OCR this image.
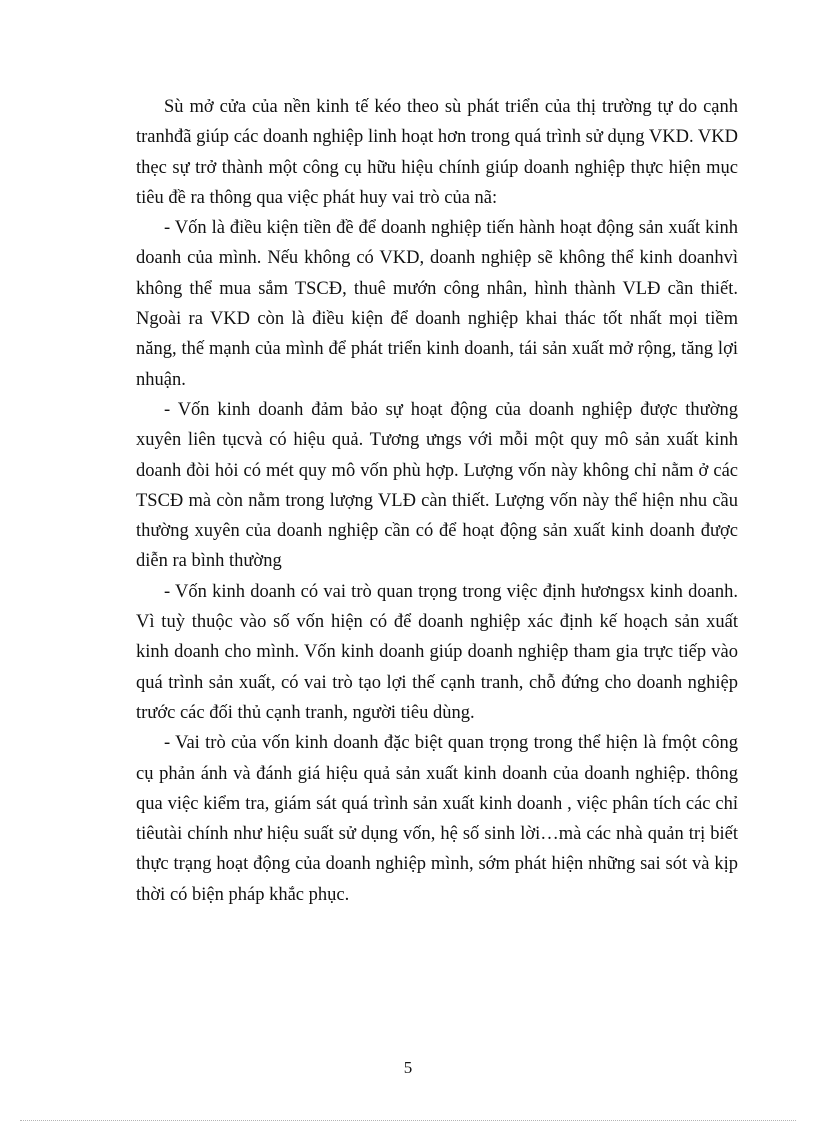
Sù mở cửa của nền kinh tế kéo theo sù phát triển của thị trường tự do cạnh tranhđã giúp các doanh nghiệp linh hoạt hơn trong quá trình sử dụng VKD. VKD thẹc sự trở thành một công cụ hữu hiệu chính giúp doanh nghiệp thực hiện mục tiêu đề ra thông qua việc phát huy vai trò của nã:

- Vốn là điều kiện tiền đề để doanh nghiệp tiến hành hoạt động sản xuất kinh doanh của mình. Nếu không có VKD, doanh nghiệp sẽ không thể kinh doanhvì không thể mua sắm TSCĐ, thuê mướn công nhân, hình thành VLĐ cần thiết. Ngoài ra VKD còn là điều kiện để doanh nghiệp khai thác tốt nhất mọi tiềm năng, thế mạnh của mình để phát triển kinh doanh, tái sản xuất mở rộng, tăng lợi nhuận.

- Vốn kinh doanh đảm bảo sự hoạt động của doanh nghiệp được thường xuyên liên tụcvà có hiệu quả. Tương ưngs với mỗi một quy mô sản xuất kinh doanh đòi hỏi có mét quy mô vốn phù hợp. Lượng vốn này không chỉ nằm ở các TSCĐ mà còn nằm trong lượng VLĐ càn thiết. Lượng vốn này thể hiện nhu cầu thường xuyên của doanh nghiệp cần có để hoạt động sản xuất kinh doanh được diễn ra bình thường

- Vốn kinh doanh có vai trò quan trọng trong việc định hươngsx kinh doanh. Vì tuỳ thuộc vào số vốn hiện có để doanh nghiệp xác định kế hoạch sản xuất kinh doanh cho mình. Vốn kinh doanh giúp doanh nghiệp tham gia trực tiếp vào quá trình sản xuất, có vai trò tạo lợi thế cạnh tranh, chỗ đứng cho doanh nghiệp trước các đối thủ cạnh tranh, người tiêu dùng.

- Vai trò của vốn kinh doanh đặc biệt quan trọng trong thể hiện là fmột công cụ phản ánh và đánh giá hiệu quả sản xuất kinh doanh của doanh nghiệp. thông qua việc kiểm tra, giám sát quá trình sản xuất kinh doanh , việc phân tích các chỉ tiêutài chính như hiệu suất sử dụng vốn, hệ số sinh lời…mà các nhà quản trị biết thực trạng hoạt động của doanh nghiệp mình, sớm phát hiện những sai sót và kịp thời có biện pháp khắc phục.

5
